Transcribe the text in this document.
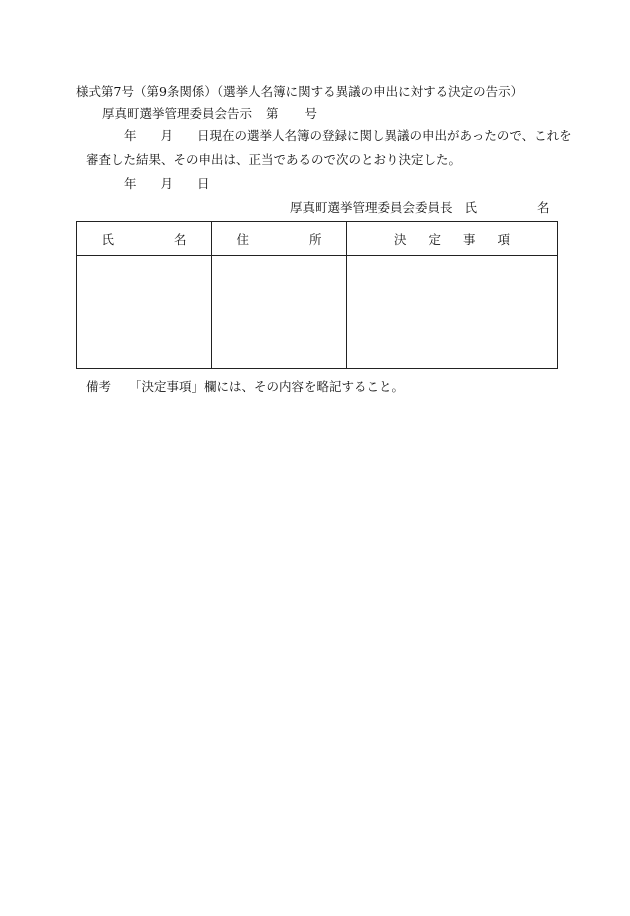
様式第7号（第9条関係）（選挙人名簿に関する異議の申出に対する決定の告示）
厚真町選挙管理委員会告示 第 号
年 月 日現在の選挙人名簿の登録に関し異議の申出があったので、これを
審査した結果、その申出は、正当であるので次のとおり決定した。
年 月 日
厚真町選挙管理委員会委員長 氏	名
氏 名	住 所	決 定 事 項

備考 「決定事項」欄には、その内容を略記すること。
